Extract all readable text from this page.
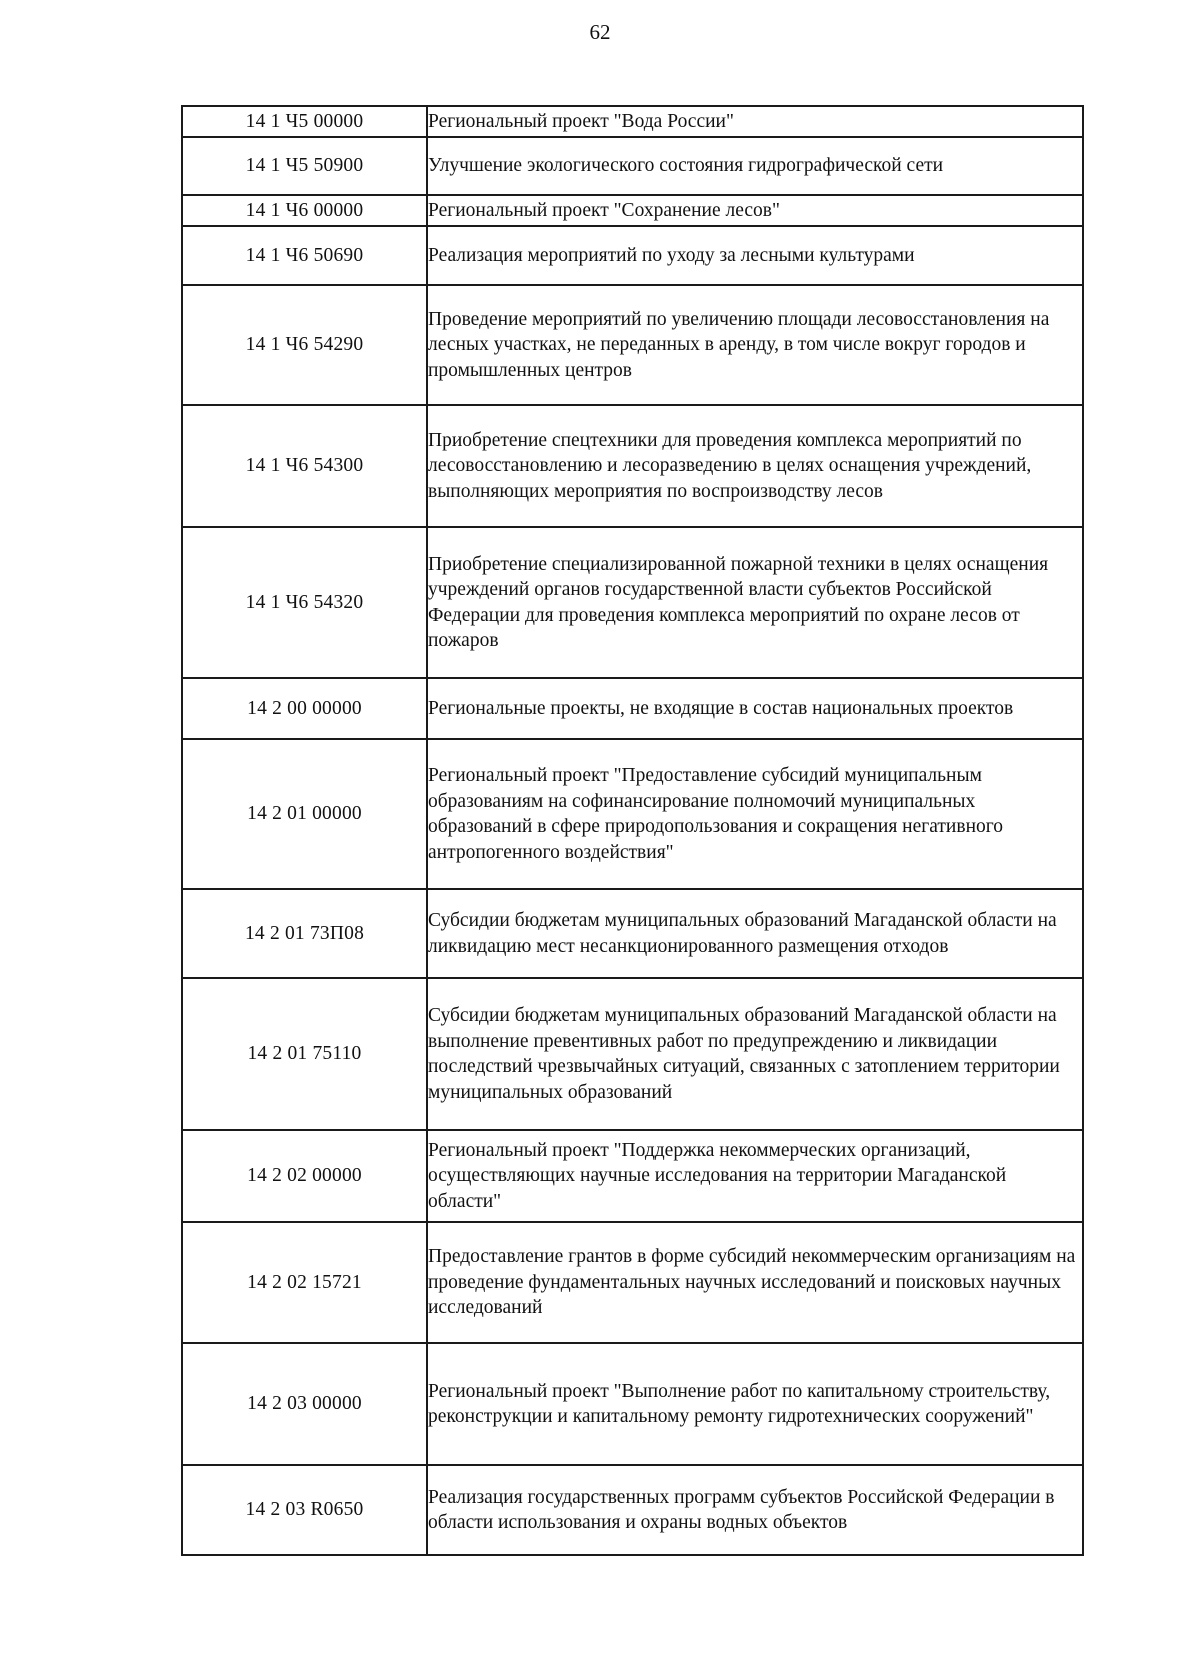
62
14 1 Ч5 00000	Региональный проект "Вода России"

14 1 Ч5 50900	Улучшение экологического состояния гидрографической сети

14 1 Ч6 00000	Региональный проект "Сохранение лесов"

14 1 Ч6 50690	Реализация мероприятий по уходу за лесными культурами

14 1 Ч6 54290	Проведение мероприятий по увеличению площади лесовосстановления на лесных участках, не переданных в аренду, в том числе вокруг городов и промышленных центров

14 1 Ч6 54300	Приобретение спецтехники для проведения комплекса мероприятий по лесовосстановлению и лесоразведению в целях оснащения учреждений, выполняющих мероприятия по воспроизводству лесов

14 1 Ч6 54320	Приобретение специализированной пожарной техники в целях оснащения учреждений органов государственной власти субъектов Российской Федерации для проведения комплекса мероприятий по охране лесов от пожаров

14 2 00 00000	Региональные проекты, не входящие в состав национальных проектов

14 2 01 00000	Региональный проект "Предоставление субсидий муниципальным образованиям на софинансирование полномочий муниципальных образований в сфере природопользования и сокращения негативного антропогенного воздействия"

14 2 01 73П08	Субсидии бюджетам муниципальных образований Магаданской области на ликвидацию мест несанкционированного размещения отходов

14 2 01 75110	Субсидии бюджетам муниципальных образований Магаданской области на выполнение превентивных работ по предупреждению и ликвидации последствий чрезвычайных ситуаций, связанных с затоплением территории муниципальных образований

14 2 02 00000	Региональный проект "Поддержка некоммерческих организаций, осуществляющих научные исследования на территории Магаданской области"

14 2 02 15721	Предоставление грантов в форме субсидий некоммерческим организациям на проведение фундаментальных научных исследований и поисковых научных исследований

14 2 03 00000	Региональный проект "Выполнение работ по капитальному строительству, реконструкции и капитальному ремонту гидротехнических сооружений"

14 2 03 R0650	Реализация государственных программ субъектов Российской Федерации в области использования и охраны водных объектов
